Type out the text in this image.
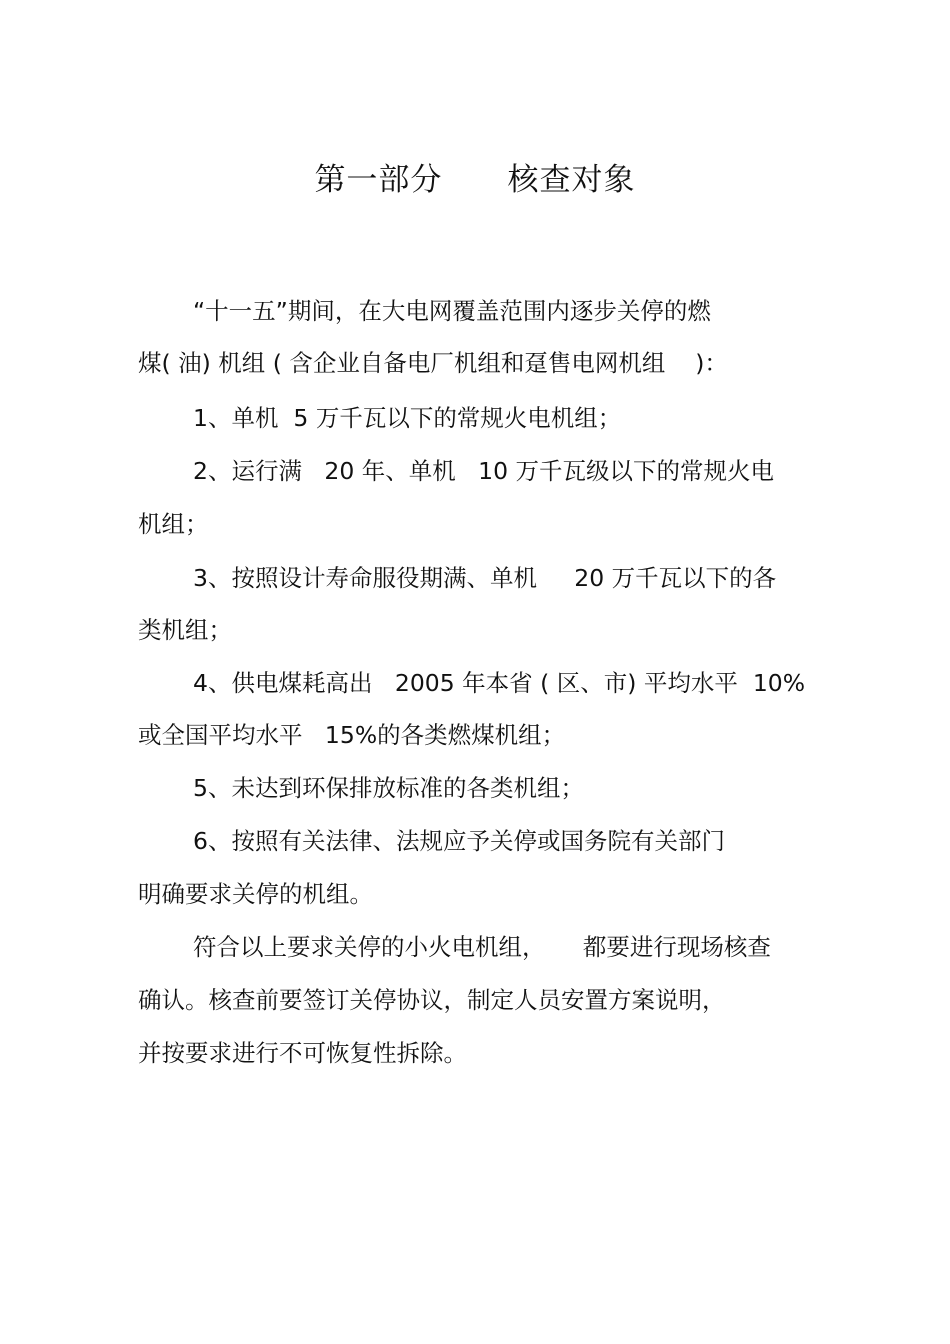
第一部分      核查对象
“十一五”期间，在大电网覆盖范围内逐步关停的燃
煤( 油) 机组 ( 含企业自备电厂机组和趸售电网机组    )：
1、单机  5 万千瓦以下的常规火电机组；
2、运行满   20 年、单机   10 万千瓦级以下的常规火电
机组；
3、按照设计寿命服役期满、单机     20 万千瓦以下的各
类机组；
4、供电煤耗高出   2005 年本省 ( 区、市) 平均水平  10%
或全国平均水平   15%的各类燃煤机组；
5、未达到环保排放标准的各类机组；
6、按照有关法律、法规应予关停或国务院有关部门
明确要求关停的机组。
符合以上要求关停的小火电机组，     都要进行现场核查
确认。核查前要签订关停协议，制定人员安置方案说明，
并按要求进行不可恢复性拆除。
